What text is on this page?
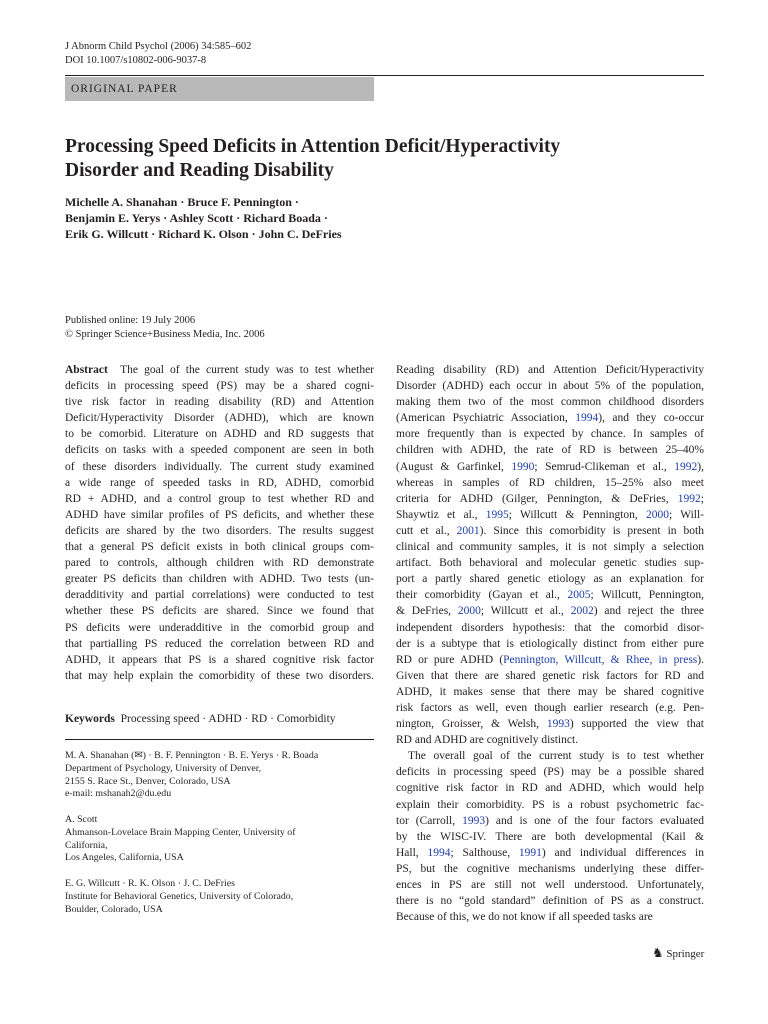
J Abnorm Child Psychol (2006) 34:585–602
DOI 10.1007/s10802-006-9037-8
ORIGINAL PAPER
Processing Speed Deficits in Attention Deficit/Hyperactivity
Disorder and Reading Disability
Michelle A. Shanahan · Bruce F. Pennington ·
Benjamin E. Yerys · Ashley Scott · Richard Boada ·
Erik G. Willcutt · Richard K. Olson · John C. DeFries
Published online: 19 July 2006
© Springer Science+Business Media, Inc. 2006
Abstract The goal of the current study was to test whether
deficits in processing speed (PS) may be a shared cogni-
tive risk factor in reading disability (RD) and Attention
Deficit/Hyperactivity Disorder (ADHD), which are known
to be comorbid. Literature on ADHD and RD suggests that
deficits on tasks with a speeded component are seen in both
of these disorders individually. The current study examined
a wide range of speeded tasks in RD, ADHD, comorbid
RD + ADHD, and a control group to test whether RD and
ADHD have similar profiles of PS deficits, and whether these
deficits are shared by the two disorders. The results suggest
that a general PS deficit exists in both clinical groups com-
pared to controls, although children with RD demonstrate
greater PS deficits than children with ADHD. Two tests (un-
deradditivity and partial correlations) were conducted to test
whether these PS deficits are shared. Since we found that
PS deficits were underadditive in the comorbid group and
that partialling PS reduced the correlation between RD and
ADHD, it appears that PS is a shared cognitive risk factor
that may help explain the comorbidity of these two disorders.
Keywords Processing speed · ADHD · RD · Comorbidity
M. A. Shanahan (✉) · B. F. Pennington · B. E. Yerys · R. Boada
Department of Psychology, University of Denver,
2155 S. Race St., Denver, Colorado, USA
e-mail: mshanah2@du.edu
A. Scott
Ahmanson-Lovelace Brain Mapping Center, University of
California,
Los Angeles, California, USA
E. G. Willcutt · R. K. Olson · J. C. DeFries
Institute for Behavioral Genetics, University of Colorado,
Boulder, Colorado, USA
Reading disability (RD) and Attention Deficit/Hyperactivity
Disorder (ADHD) each occur in about 5% of the population,
making them two of the most common childhood disorders
(American Psychiatric Association, 1994), and they co-occur
more frequently than is expected by chance. In samples of
children with ADHD, the rate of RD is between 25–40%
(August & Garfinkel, 1990; Semrud-Clikeman et al., 1992),
whereas in samples of RD children, 15–25% also meet
criteria for ADHD (Gilger, Pennington, & DeFries, 1992;
Shaywtiz et al., 1995; Willcutt & Pennington, 2000; Will-
cutt et al., 2001). Since this comorbidity is present in both
clinical and community samples, it is not simply a selection
artifact. Both behavioral and molecular genetic studies sup-
port a partly shared genetic etiology as an explanation for
their comorbidity (Gayan et al., 2005; Willcutt, Pennington,
& DeFries, 2000; Willcutt et al., 2002) and reject the three
independent disorders hypothesis: that the comorbid disor-
der is a subtype that is etiologically distinct from either pure
RD or pure ADHD (Pennington, Willcutt, & Rhee, in press).
Given that there are shared genetic risk factors for RD and
ADHD, it makes sense that there may be shared cognitive
risk factors as well, even though earlier research (e.g. Pen-
nington, Groisser, & Welsh, 1993) supported the view that
RD and ADHD are cognitively distinct.
The overall goal of the current study is to test whether
deficits in processing speed (PS) may be a possible shared
cognitive risk factor in RD and ADHD, which would help
explain their comorbidity. PS is a robust psychometric fac-
tor (Carroll, 1993) and is one of the four factors evaluated
by the WISC-IV. There are both developmental (Kail &
Hall, 1994; Salthouse, 1991) and individual differences in
PS, but the cognitive mechanisms underlying these differ-
ences in PS are still not well understood. Unfortunately,
there is no “gold standard” definition of PS as a construct.
Because of this, we do not know if all speeded tasks are
♞ Springer
